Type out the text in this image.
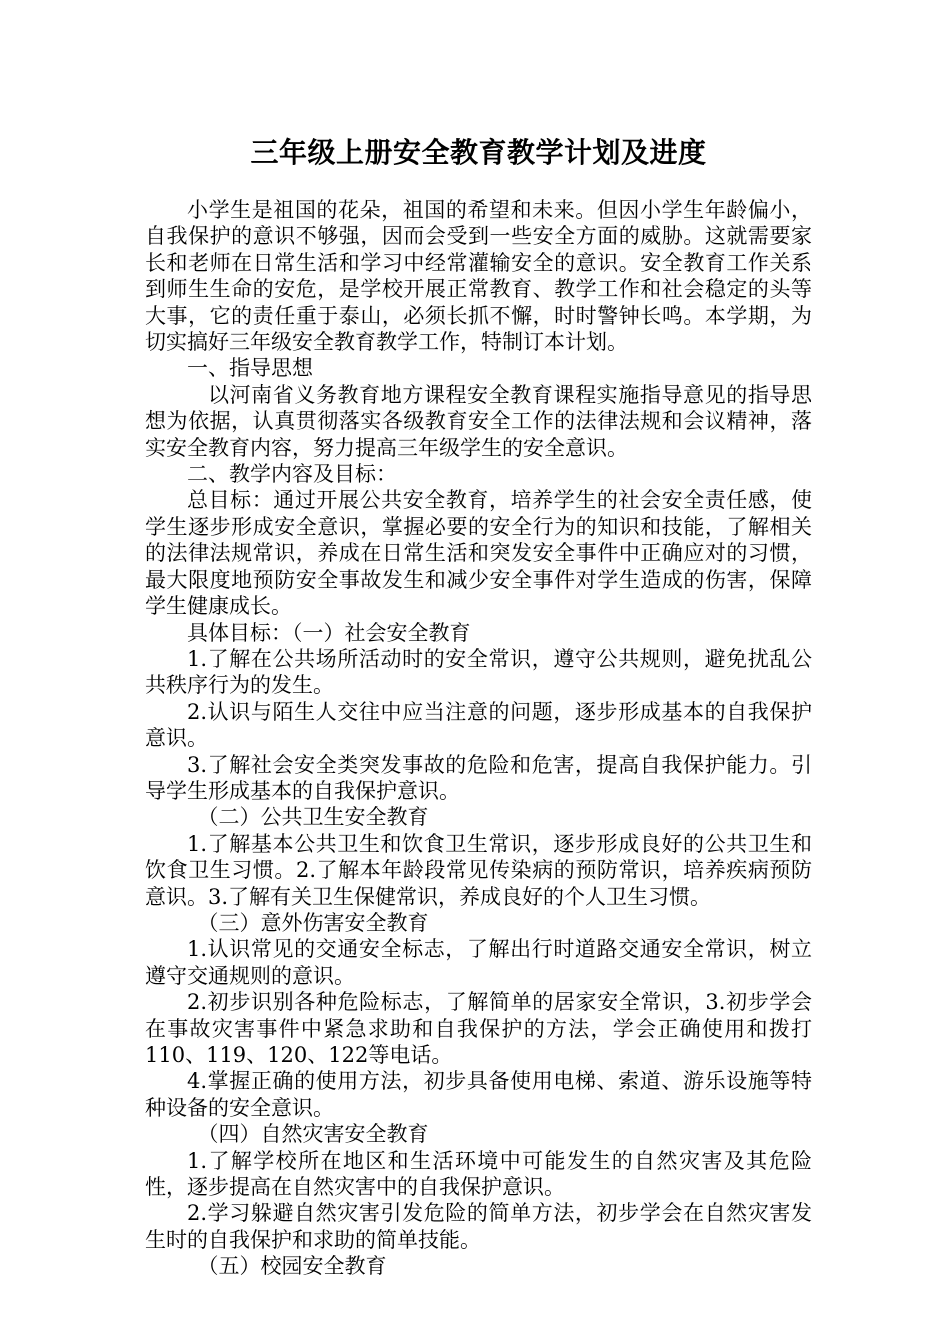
三年级上册安全教育教学计划及进度

小学生是祖国的花朵，祖国的希望和未来。但因小学生年龄偏小，自我保护的意识不够强，因而会受到一些安全方面的威胁。这就需要家长和老师在日常生活和学习中经常灌输安全的意识。安全教育工作关系到师生生命的安危，是学校开展正常教育、教学工作和社会稳定的头等大事，它的责任重于泰山，必须长抓不懈，时时警钟长鸣。本学期，为切实搞好三年级安全教育教学工作，特制订本计划。

一、指导思想

以河南省义务教育地方课程安全教育课程实施指导意见的指导思想为依据，认真贯彻落实各级教育安全工作的法律法规和会议精神，落实安全教育内容，努力提高三年级学生的安全意识。

二、教学内容及目标：

总目标：通过开展公共安全教育，培养学生的社会安全责任感，使学生逐步形成安全意识，掌握必要的安全行为的知识和技能，了解相关的法律法规常识，养成在日常生活和突发安全事件中正确应对的习惯，最大限度地预防安全事故发生和减少安全事件对学生造成的伤害，保障学生健康成长。

具体目标：（一）社会安全教育

1.了解在公共场所活动时的安全常识，遵守公共规则，避免扰乱公共秩序行为的发生。

2.认识与陌生人交往中应当注意的问题，逐步形成基本的自我保护意识。

3.了解社会安全类突发事故的危险和危害，提高自我保护能力。引导学生形成基本的自我保护意识。

（二）公共卫生安全教育

1.了解基本公共卫生和饮食卫生常识，逐步形成良好的公共卫生和饮食卫生习惯。2.了解本年龄段常见传染病的预防常识，培养疾病预防意识。3.了解有关卫生保健常识，养成良好的个人卫生习惯。

（三）意外伤害安全教育

1.认识常见的交通安全标志，了解出行时道路交通安全常识，树立遵守交通规则的意识。

2.初步识别各种危险标志，了解简单的居家安全常识，3.初步学会在事故灾害事件中紧急求助和自我保护的方法，学会正确使用和拨打110、119、120、122等电话。

4.掌握正确的使用方法，初步具备使用电梯、索道、游乐设施等特种设备的安全意识。

（四）自然灾害安全教育

1.了解学校所在地区和生活环境中可能发生的自然灾害及其危险性，逐步提高在自然灾害中的自我保护意识。

2.学习躲避自然灾害引发危险的简单方法，初步学会在自然灾害发生时的自我保护和求助的简单技能。

（五）校园安全教育
